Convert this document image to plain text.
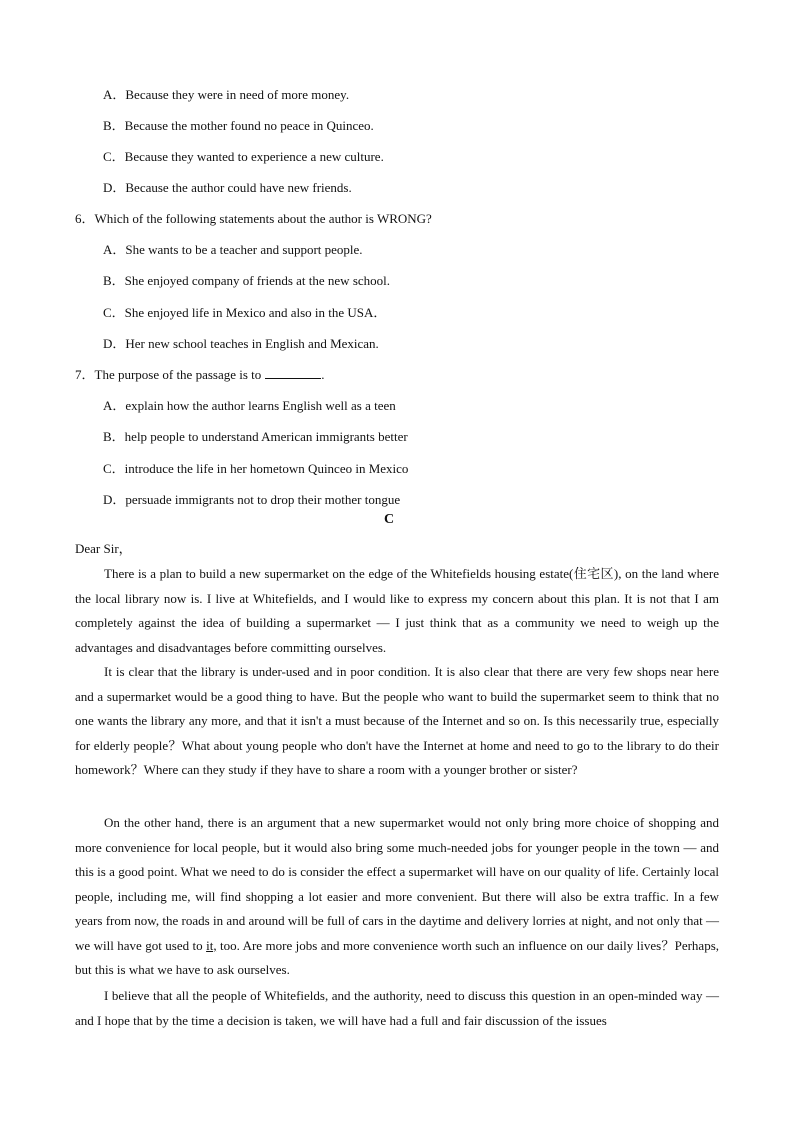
A．Because they were in need of more money.
B．Because the mother found no peace in Quinceo.
C．Because they wanted to experience a new culture.
D．Because the author could have new friends.
6．Which of the following statements about the author is WRONG?
A．She wants to be a teacher and support people.
B．She enjoyed company of friends at the new school.
C．She enjoyed life in Mexico and also in the USA．
D．Her new school teaches in English and Mexican.
7．The purpose of the passage is to	.
A．explain how the author learns English well as a teen
B．help people to understand American immigrants better
C．introduce the life in her hometown Quinceo in Mexico
D．persuade immigrants not to drop their mother tongue
C
Dear Sir，

There is a plan to build a new supermarket on the edge of the Whitefields housing estate(住宅区), on the land where the local library now is. I live at Whitefields, and I would like to express my concern about this plan. It is not that I am completely against the idea of building a supermarket — I just think that as a community we need to weigh up the advantages and disadvantages before committing ourselves.

It is clear that the library is under-used and in poor condition. It is also clear that there are very few shops near here and a supermarket would be a good thing to have. But the people who want to build the supermarket seem to think that no one wants the library any more, and that it isn't a must because of the Internet and so on. Is this necessarily true, especially for elderly people？What about young people who don't have the Internet at home and need to go to the library to do their homework？Where can they study if they have to share a room with a younger brother or sister?

On the other hand, there is an argument that a new supermarket would not only bring more choice of shopping and more convenience for local people, but it would also bring some much-needed jobs for younger people in the town — and this is a good point. What we need to do is consider the effect a supermarket will have on our quality of life. Certainly local people, including me, will find shopping a lot easier and more convenient. But there will also be extra traffic. In a few years from now, the roads in and around will be full of cars in the daytime and delivery lorries at night, and not only that — we will have got used to it, too. Are more jobs and more convenience worth such an influence on our daily lives？Perhaps, but this is what we have to ask ourselves.

I believe that all the people of Whitefields, and the authority, need to discuss this question in an open-minded way — and I hope that by the time a decision is taken, we will have had a full and fair discussion of the issues
